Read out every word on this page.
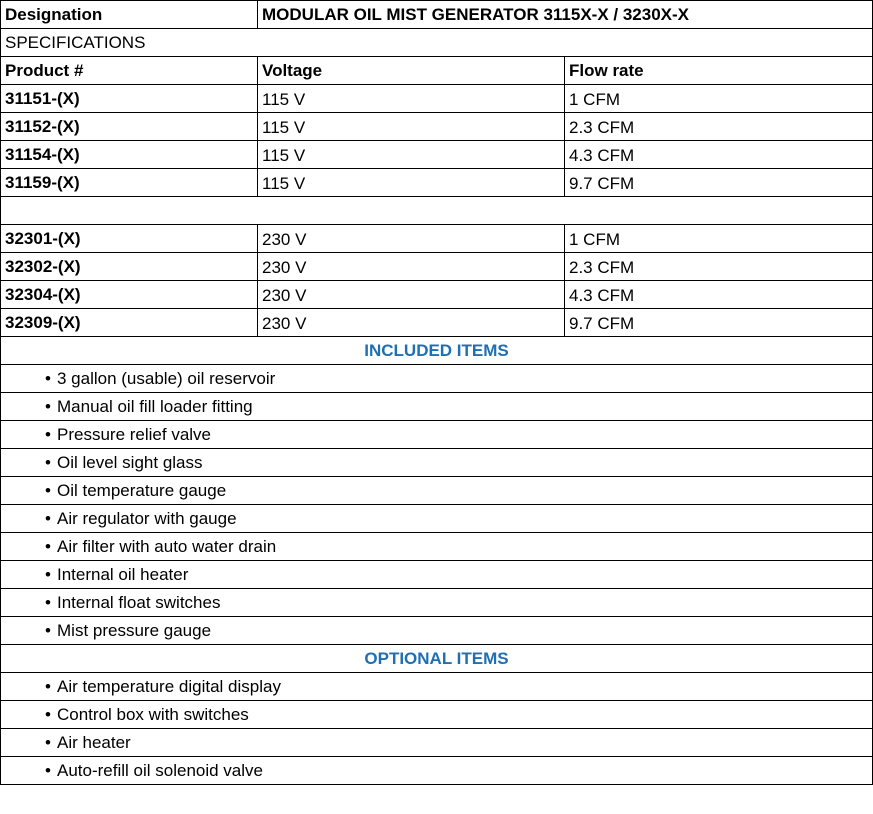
Designation	MODULAR OIL MIST GENERATOR 3115X-X / 3230X-X	
SPECIFICATIONS		
Product #	Voltage	Flow rate
31151-(X)	115 V	1 CFM
31152-(X)	115 V	2.3 CFM
31154-(X)	115 V	4.3 CFM
31159-(X)	115 V	9.7 CFM

32301-(X)	230 V	1 CFM
32302-(X)	230 V	2.3 CFM
32304-(X)	230 V	4.3 CFM
32309-(X)	230 V	9.7 CFM
INCLUDED ITEMS		
• 3 gallon (usable) oil reservoir		
• Manual oil fill loader fitting		
• Pressure relief valve		
• Oil level sight glass		
• Oil temperature gauge		
• Air regulator with gauge		
• Air filter with auto water drain		
• Internal oil heater		
• Internal float switches		
• Mist pressure gauge		
OPTIONAL ITEMS		
• Air temperature digital display		
• Control box with switches		
• Air heater		
• Auto-refill oil solenoid valve		
